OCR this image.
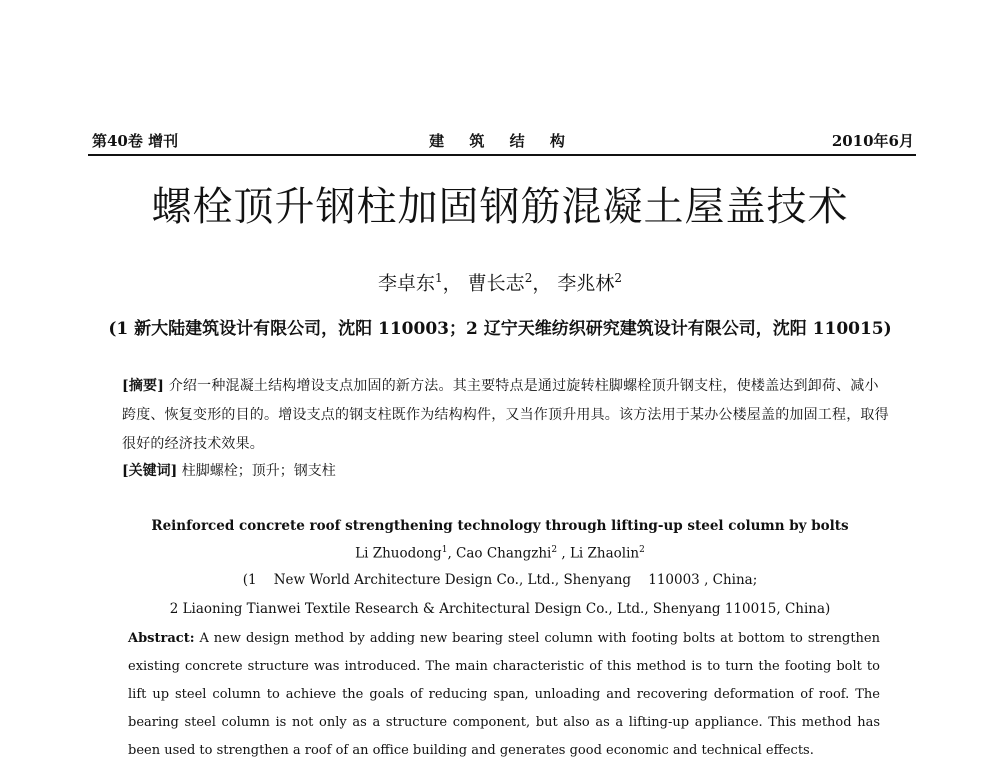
第40卷 增刊	建 筑 结 构	2010年6月
螺栓顶升钢柱加固钢筋混凝土屋盖技术
李卓东$^1$， 曹长志$^2$， 李兆林$^2$
(1 新大陆建筑设计有限公司，沈阳 110003；2 辽宁天维纺织研究建筑设计有限公司，沈阳 110015)
[摘要] 介绍一种混凝土结构增设支点加固的新方法。其主要特点是通过旋转柱脚螺栓顶升钢支柱，使楼盖达到卸荷、减小跨度、恢复变形的目的。增设支点的钢支柱既作为结构构件，又当作顶升用具。该方法用于某办公楼屋盖的加固工程，取得很好的经济技术效果。
[关键词] 柱脚螺栓；顶升；钢支柱
Reinforced concrete roof strengthening technology through lifting-up steel column by bolts
Li Zhuodong$^1$, Cao Changzhi$^2$ , Li Zhaolin$^2$
(1    New World Architecture Design Co., Ltd., Shenyang    110003 , China;
2 Liaoning Tianwei Textile Research & Architectural Design Co., Ltd., Shenyang 110015, China)
Abstract: A new design method by adding new bearing steel column with footing bolts at bottom to strengthen existing concrete structure was introduced. The main characteristic of this method is to turn the footing bolt to lift up steel column to achieve the goals of reducing span, unloading and recovering deformation of roof. The bearing steel column is not only as a structure component, but also as a lifting-up appliance. This method has been used to strengthen a roof of an office building and generates good economic and technical effects.
